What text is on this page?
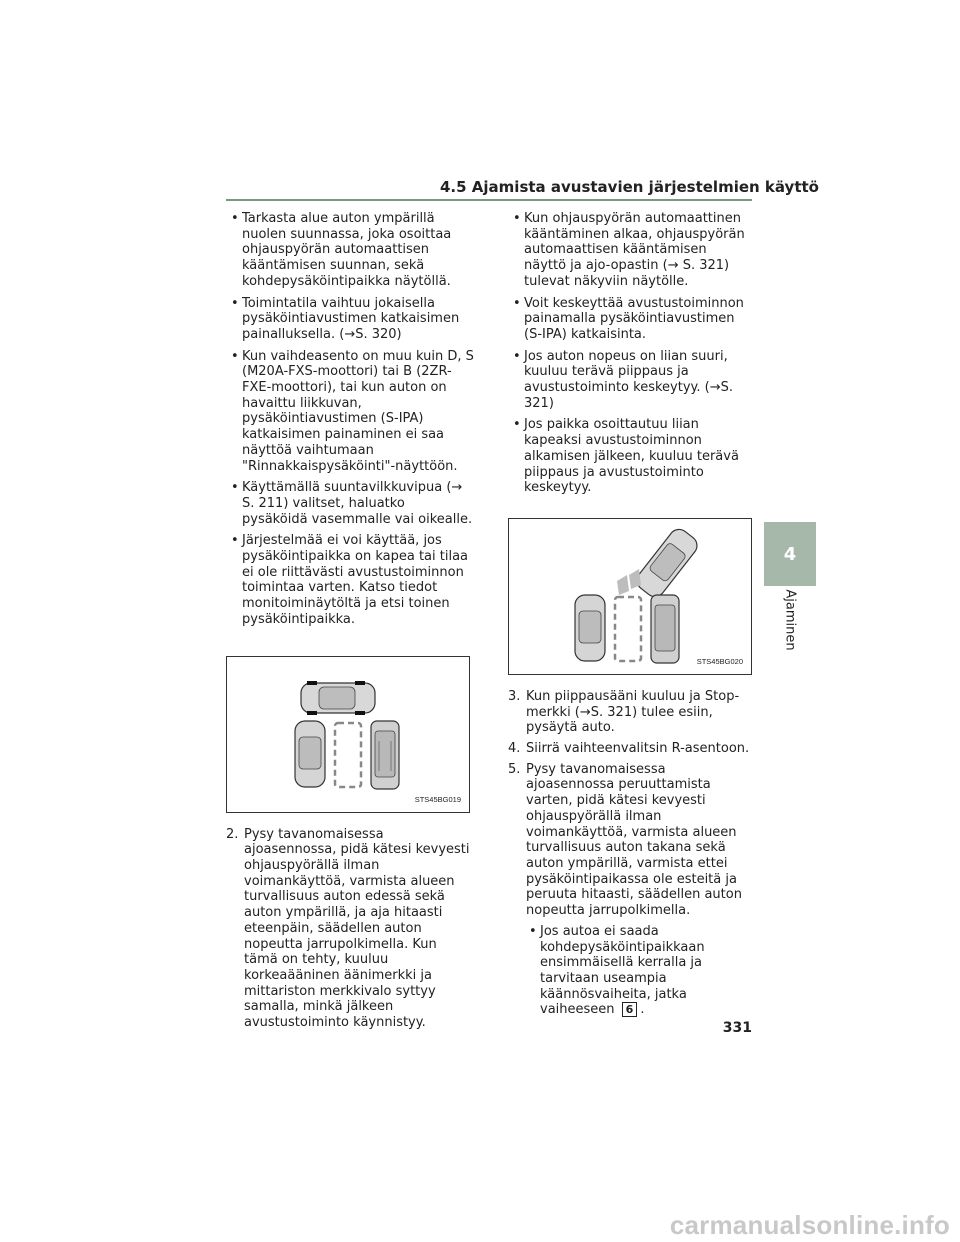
4.5 Ajamista avustavien järjestelmien käyttö
• Tarkasta alue auton ympärillä nuolen suunnassa, joka osoittaa ohjauspyörän automaattisen kääntämisen suunnan, sekä kohdepysäköintipaikka näytöllä.
• Toimintatila vaihtuu jokaisella pysäköintiavustimen katkaisimen painalluksella. (→S. 320)
• Kun vaihdeasento on muu kuin D, S (M20A-FXS-moottori) tai B (2ZR-FXE-moottori), tai kun auton on havaittu liikkuvan, pysäköintiavustimen (S-IPA) katkaisimen painaminen ei saa näyttöä vaihtumaan "Rinnakkaispysäköinti"-näyttöön.
• Käyttämällä suuntavilkkuvipua (→ S. 211) valitset, haluatko pysäköidä vasemmalle vai oikealle.
• Järjestelmää ei voi käyttää, jos pysäköintipaikka on kapea tai tilaa ei ole riittävästi avustustoiminnon toimintaa varten. Katso tiedot monitoiminäytöltä ja etsi toinen pysäköintipaikka.
STS45BG019
2. Pysy tavanomaisessa ajoasennossa, pidä kätesi kevyesti ohjauspyörällä ilman voimankäyttöä, varmista alueen turvallisuus auton edessä sekä auton ympärillä, ja aja hitaasti eteenpäin, säädellen auton nopeutta jarrupolkimella. Kun tämä on tehty, kuuluu korkeaääninen äänimerkki ja mittariston merkkivalo syttyy samalla, minkä jälkeen avustustoiminto käynnistyy.
• Kun ohjauspyörän automaattinen kääntäminen alkaa, ohjauspyörän automaattisen kääntämisen näyttö ja ajo-opastin (→ S. 321) tulevat näkyviin näytölle.
• Voit keskeyttää avustustoiminnon painamalla pysäköintiavustimen (S-IPA) katkaisinta.
• Jos auton nopeus on liian suuri, kuuluu terävä piippaus ja avustustoiminto keskeytyy. (→S. 321)
• Jos paikka osoittautuu liian kapeaksi avustustoiminnon alkamisen jälkeen, kuuluu terävä piippaus ja avustustoiminto keskeytyy.
STS45BG020
3. Kun piippausääni kuuluu ja Stop-merkki (→S. 321) tulee esiin, pysäytä auto.
4. Siirrä vaihteenvalitsin R-asentoon.
5. Pysy tavanomaisessa ajoasennossa peruuttamista varten, pidä kätesi kevyesti ohjauspyörällä ilman voimankäyttöä, varmista alueen turvallisuus auton takana sekä auton ympärillä, varmista ettei pysäköintipaikassa ole esteitä ja peruuta hitaasti, säädellen auton nopeutta jarrupolkimella.
• Jos autoa ei saada kohdepysäköintipaikkaan ensimmäisellä kerralla ja tarvitaan useampia käännösvaiheita, jatka vaiheeseen 6 .
4
Ajaminen
331
carmanualsonline.info
